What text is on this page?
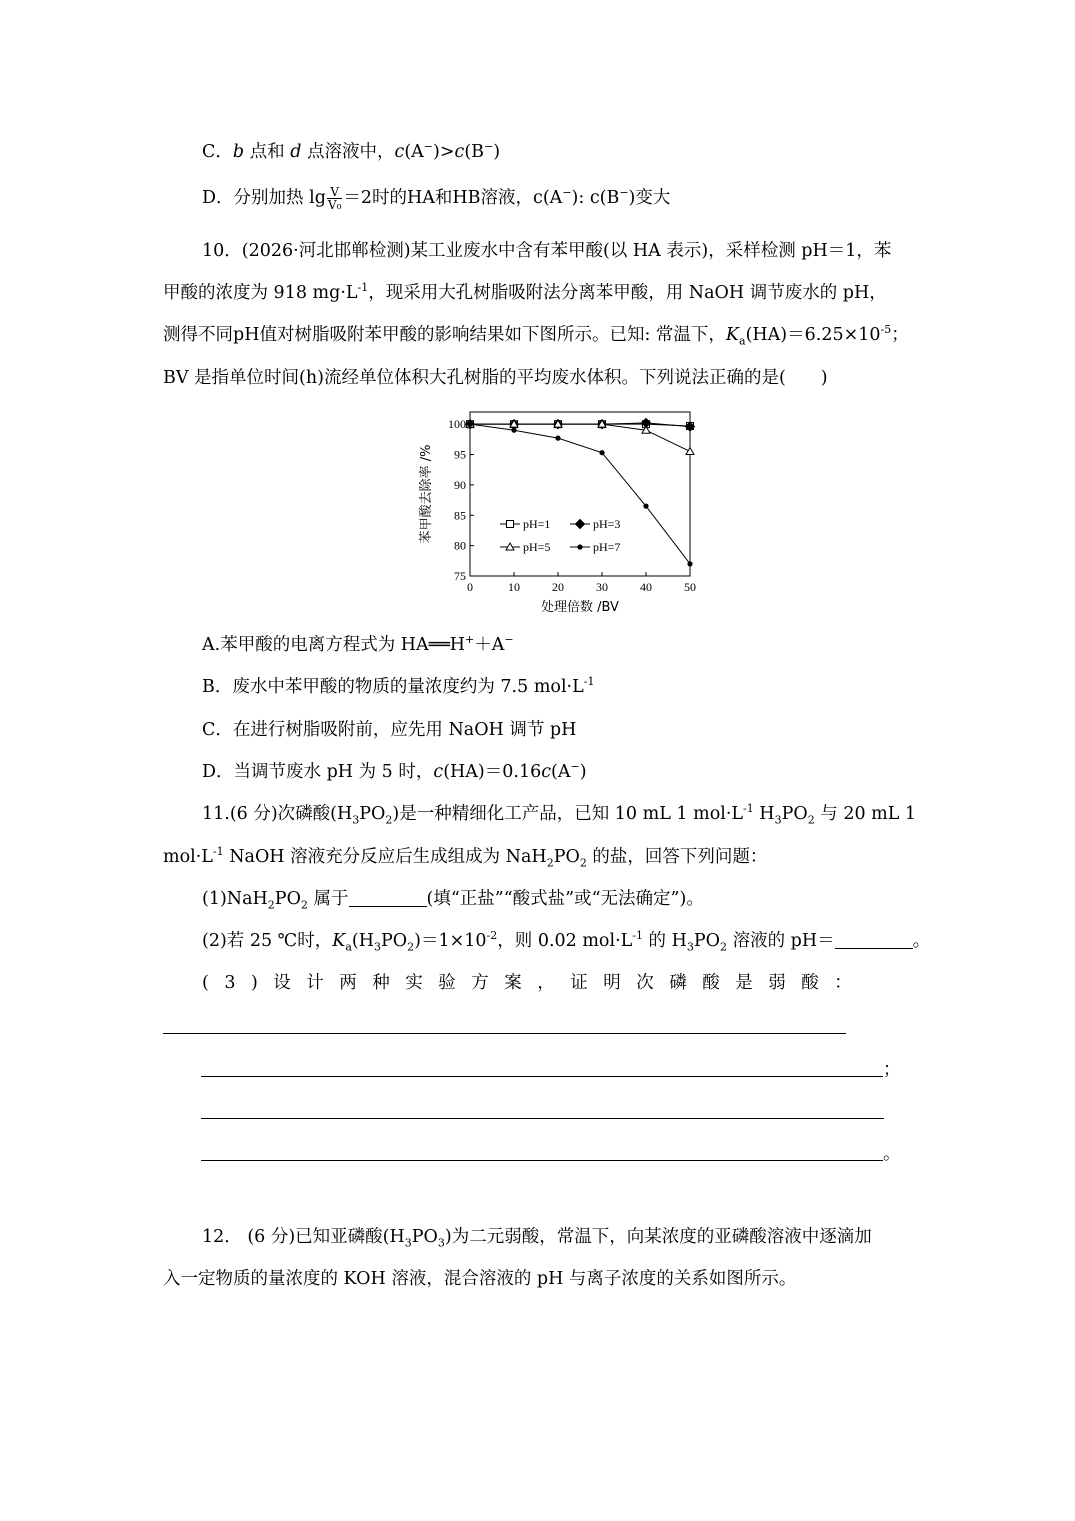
C．b 点和 d 点溶液中，c(A−)>c(B−)
D．分别加热 $\lg \frac{V}{\text{V₀}} =2$时的HA和HB溶液，c(A−): c(B−)变大
10．(2026·河北邯郸检测)某工业废水中含有苯甲酸(以 HA 表示)，采样检测 pH＝1，苯
甲酸的浓度为 918 $mg\cdot L^{-1}$，现采用大孔树脂吸附法分离苯甲酸，用 NaOH 调节废水的 pH，
测得不同pH值对树脂吸附苯甲酸的影响结果如下图所示。已知: 常温下，$K_a(HA)=6.25\times 10^{-5}$；
BV 是指单位时间(h)流经单位体积大孔树脂的平均废水体积。下列说法正确的是(　　)
0	10	20	30	40	50
75
80
85
90
95
100
处理倍数 /BV
苯甲酸去除率 /%	pH=1	pH=3
pH=5	pH=7
A.苯甲酸的电离方程式为 HA══H+＋A−
B．废水中苯甲酸的物质的量浓度约为 7.5 $mol\cdot L^{-1}$
C．在进行树脂吸附前，应先用 NaOH 调节 pH
D．当调节废水 pH 为 5 时，c(HA)＝0.16c(A−)
11.(6 分)次磷酸$(H_3PO_2)$是一种精细化工产品，已知 10 mL 1 $mol\cdot L^{-1}$ $H_3PO_2$ 与 20 mL 1
$mol\cdot L^{-1}$ NaOH 溶液充分反应后生成组成为 $NaH_2PO_2$ 的盐，回答下列问题：
$(1)NaH_2PO_2$ 属于	(填“正盐”“酸式盐”或“无法确定”)。
(2)若 25 ℃时，$K_a(H_3PO_2)=1\times 10^{-2}$，则 0.02 $mol\cdot L^{-1}$ 的 $H_3PO_2$ 溶液的 pH＝	。
(3)设计两种实验方案，证明次磷酸是弱酸：
；
。
12． (6 分)已知亚磷酸$(H_3PO_3)$为二元弱酸，常温下，向某浓度的亚磷酸溶液中逐滴加
入一定物质的量浓度的 KOH 溶液，混合溶液的 pH 与离子浓度的关系如图所示。
